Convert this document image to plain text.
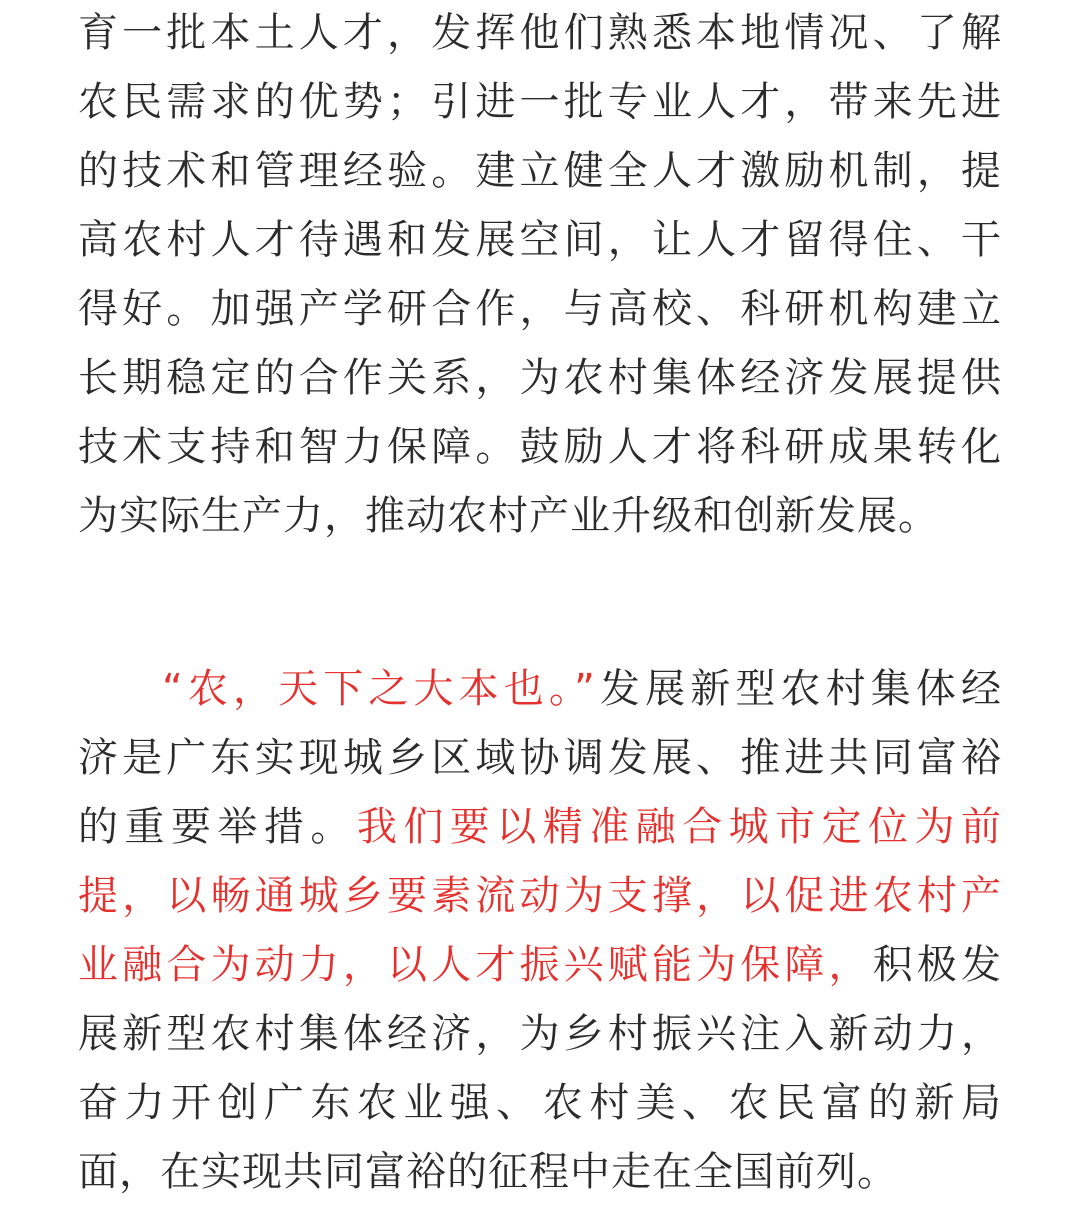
育一批本土人才，发挥他们熟悉本地情况、了解
农民需求的优势；引进一批专业人才，带来先进
的技术和管理经验。建立健全人才激励机制，提
高农村人才待遇和发展空间，让人才留得住、干
得好。加强产学研合作，与高校、科研机构建立
长期稳定的合作关系，为农村集体经济发展提供
技术支持和智力保障。鼓励人才将科研成果转化
为实际生产力，推动农村产业升级和创新发展。
“农，天下之大本也。”发展新型农村集体经
济是广东实现城乡区域协调发展、推进共同富裕
的重要举措。我们要以精准融合城市定位为前
提，以畅通城乡要素流动为支撑，以促进农村产
业融合为动力，以人才振兴赋能为保障，积极发
展新型农村集体经济，为乡村振兴注入新动力，
奋力开创广东农业强、农村美、农民富的新局
面，在实现共同富裕的征程中走在全国前列。
